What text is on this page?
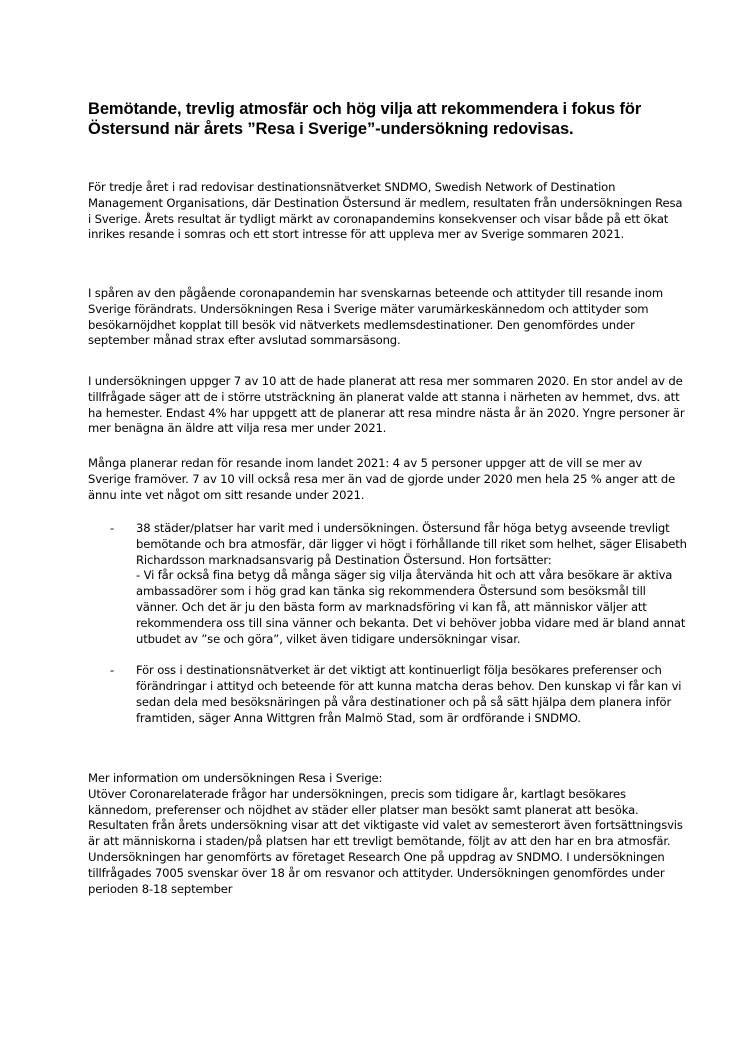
Bemötande, trevlig atmosfär och hög vilja att rekommendera i fokus för Östersund när årets ”Resa i Sverige”-undersökning redovisas.

För tredje året i rad redovisar destinationsnätverket SNDMO, Swedish Network of Destination Management Organisations, där Destination Östersund är medlem, resultaten från undersökningen Resa i Sverige. Årets resultat är tydligt märkt av coronapandemins konsekvenser och visar både på ett ökat inrikes resande i somras och ett stort intresse för att uppleva mer av Sverige sommaren 2021.

I spåren av den pågående coronapandemin har svenskarnas beteende och attityder till resande inom Sverige förändrats. Undersökningen Resa i Sverige mäter varumärkeskännedom och attityder som besökarnöjdhet kopplat till besök vid nätverkets medlemsdestinationer. Den genomfördes under september månad strax efter avslutad sommarsäsong.

I undersökningen uppger 7 av 10 att de hade planerat att resa mer sommaren 2020. En stor andel av de tillfrågade säger att de i större utsträckning än planerat valde att stanna i närheten av hemmet, dvs. att ha hemester. Endast 4% har uppgett att de planerar att resa mindre nästa år än 2020. Yngre personer är mer benägna än äldre att vilja resa mer under 2021.

Många planerar redan för resande inom landet 2021: 4 av 5 personer uppger att de vill se mer av Sverige framöver. 7 av 10 vill också resa mer än vad de gjorde under 2020 men hela 25 % anger att de ännu inte vet något om sitt resande under 2021.

- 38 städer/platser har varit med i undersökningen. Östersund får höga betyg avseende trevligt bemötande och bra atmosfär, där ligger vi högt i förhållande till riket som helhet, säger Elisabeth Richardsson marknadsansvarig på Destination Östersund. Hon fortsätter:
- Vi får också fina betyg då många säger sig vilja återvända hit och att våra besökare är aktiva ambassadörer som i hög grad kan tänka sig rekommendera Östersund som besöksmål till vänner. Och det är ju den bästa form av marknadsföring vi kan få, att människor väljer att rekommendera oss till sina vänner och bekanta. Det vi behöver jobba vidare med är bland annat utbudet av ”se och göra”, vilket även tidigare undersökningar visar.
- För oss i destinationsnätverket är det viktigt att kontinuerligt följa besökares preferenser och förändringar i attityd och beteende för att kunna matcha deras behov. Den kunskap vi får kan vi sedan dela med besöksnäringen på våra destinationer och på så sätt hjälpa dem planera inför framtiden, säger Anna Wittgren från Malmö Stad, som är ordförande i SNDMO.
Mer information om undersökningen Resa i Sverige:
Utöver Coronarelaterade frågor har undersökningen, precis som tidigare år, kartlagt besökares kännedom, preferenser och nöjdhet av städer eller platser man besökt samt planerat att besöka. Resultaten från årets undersökning visar att det viktigaste vid valet av semesterort även fortsättningsvis är att människorna i staden/på platsen har ett trevligt bemötande, följt av att den har en bra atmosfär. Undersökningen har genomförts av företaget Research One på uppdrag av SNDMO. I undersökningen tillfrågades 7005 svenskar över 18 år om resvanor och attityder. Undersökningen genomfördes under perioden 8-18 september
